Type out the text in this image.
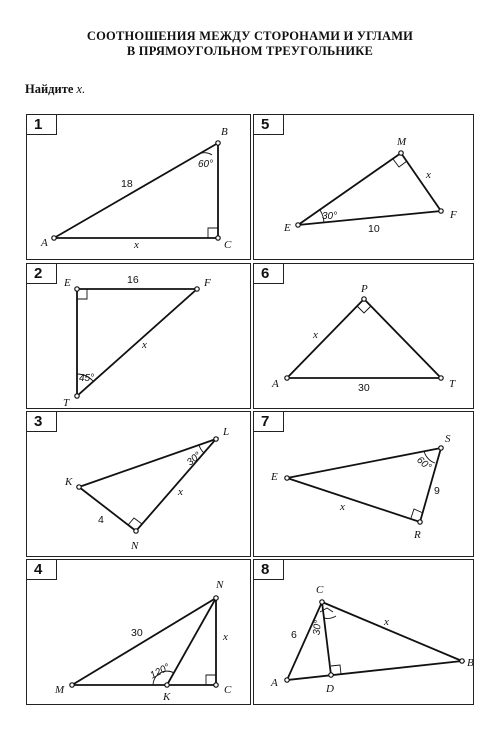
СООТНОШЕНИЯ МЕЖДУ СТОРОНАМИ И УГЛАМИ
В ПРЯМОУГОЛЬНОМ ТРЕУГОЛЬНИКЕ
Найдите x.
1
A
B
C
18
x
60°
5
M
E
F
10
x
30°
2
E	F
T
16
x
45°
6
P
A	T
30
x
3
K
L
N
4
x
30°
7
S
E
R
9
x
60°
4
M
N
K
C
30	x
120°
8
C
A	D
B
6
x
30°
